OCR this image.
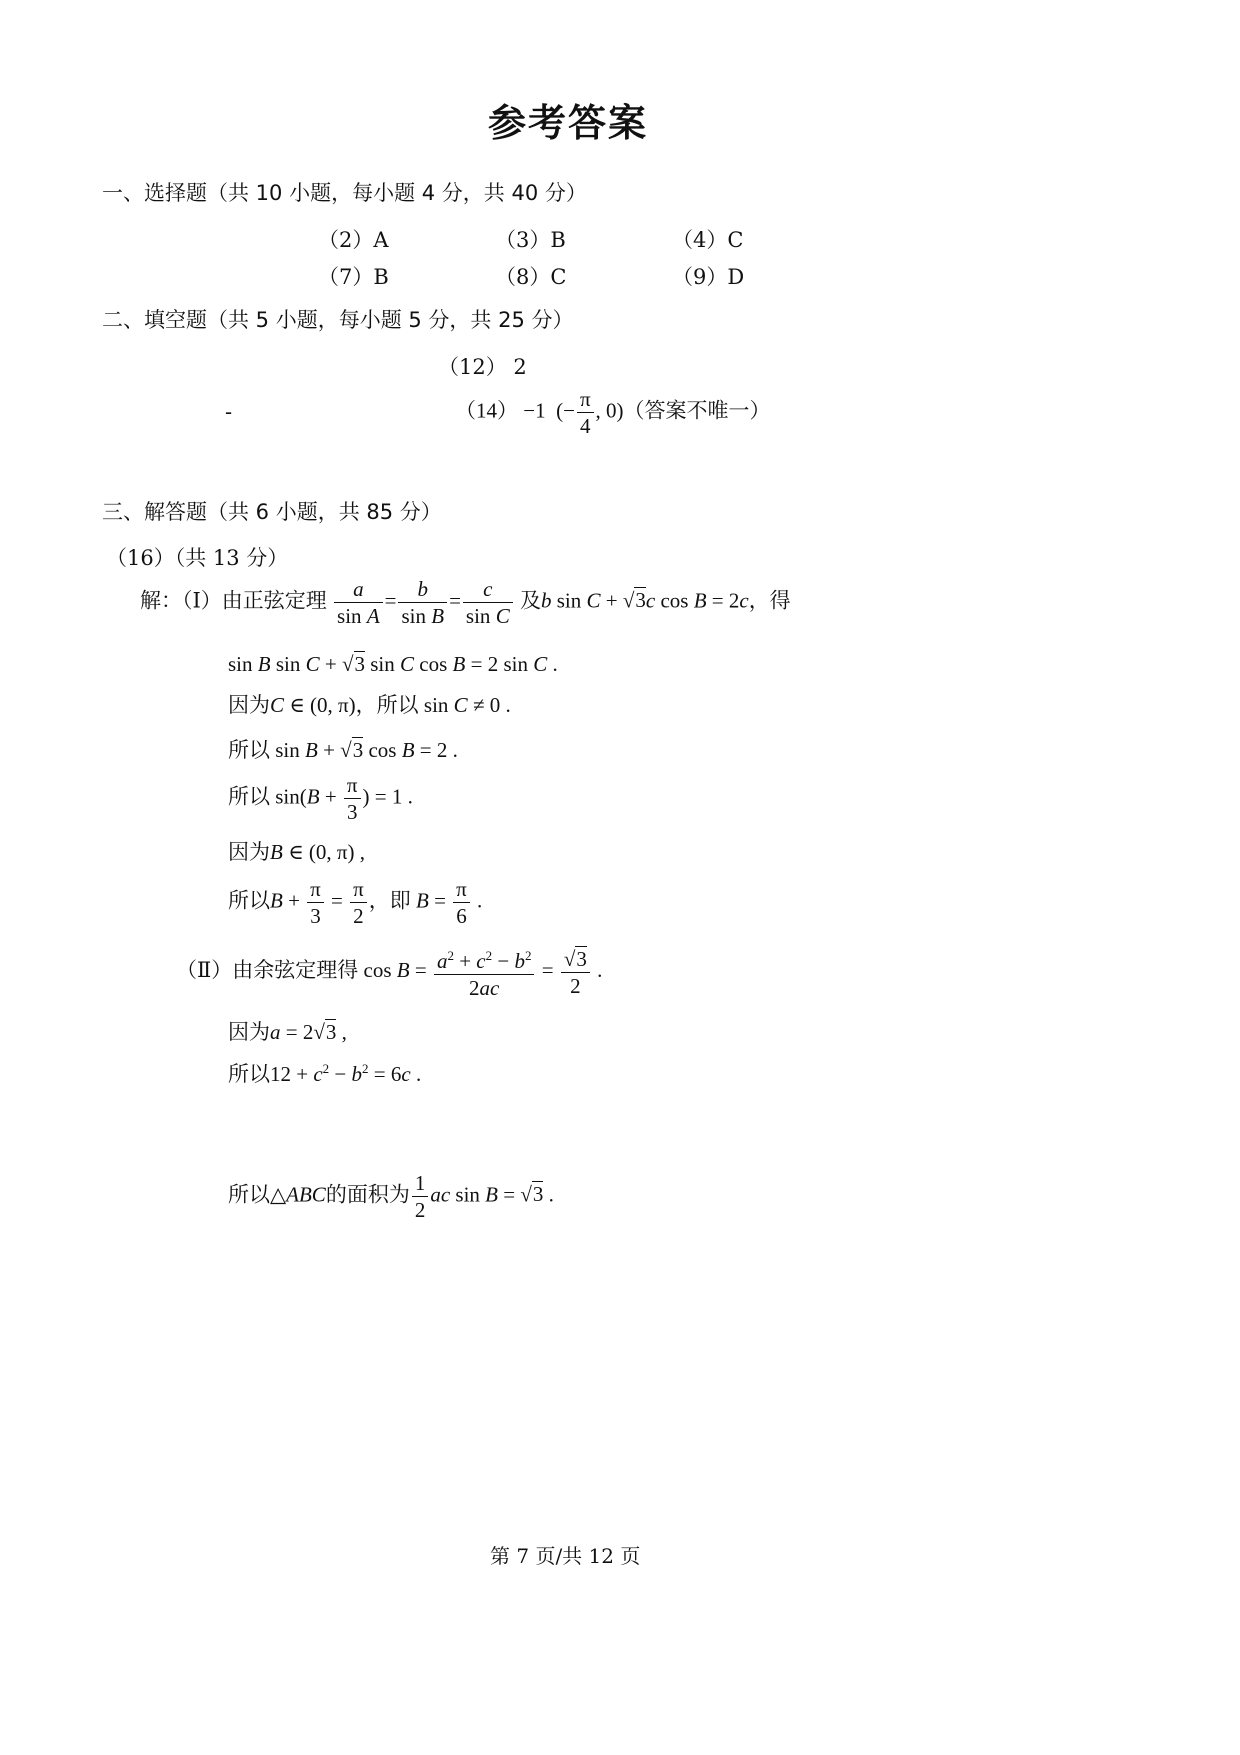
参考答案
一、选择题（共 10 小题，每小题 4 分，共 40 分）
（2）A	（3）B	（4）C
（7）B	（8）C	（9）D
二、填空题（共 5 小题，每小题 5 分，共 25 分）
（12） 2
-	（14） −1  (− $\frac{\pi}{4}$ , 0)（答案不唯一）
三、解答题（共 6 小题，共 85 分）
（16）（共 13 分）
解：（Ⅰ）由正弦定理 $\frac{a}{\text{sin A}} = \frac{b}{\text{sin B}} = \frac{c}{\text{sin C}}$ 及b sin C + √3c cos B = 2c，得
sin B sin C + √3 sin C cos B = 2 sin C .
因为C ∈ (0, π)，所以 sin C ≠ 0 .
所以 sin B + √3 cos B = 2 .
所以 $\sin(B + \frac{\pi}{3}$ ) = 1 .
因为B ∈ (0, π) ,
所以$B + \frac{\pi}{3} = \frac{\pi}{2}$ ，即 $B = \frac{\pi}{6}$ .
（Ⅱ）由余弦定理得 $\cos B = \frac{a^2 + c^2 - b^2}{2ac} = \frac{√3}{2}$ .
因为a = 2√3 ,
所以$12 + c^2 - b^2 = 6c$ .
所以△ABC的面积为 $\frac{1}{2}$ ac sin B = √3 .
第 7 页/共 12 页
